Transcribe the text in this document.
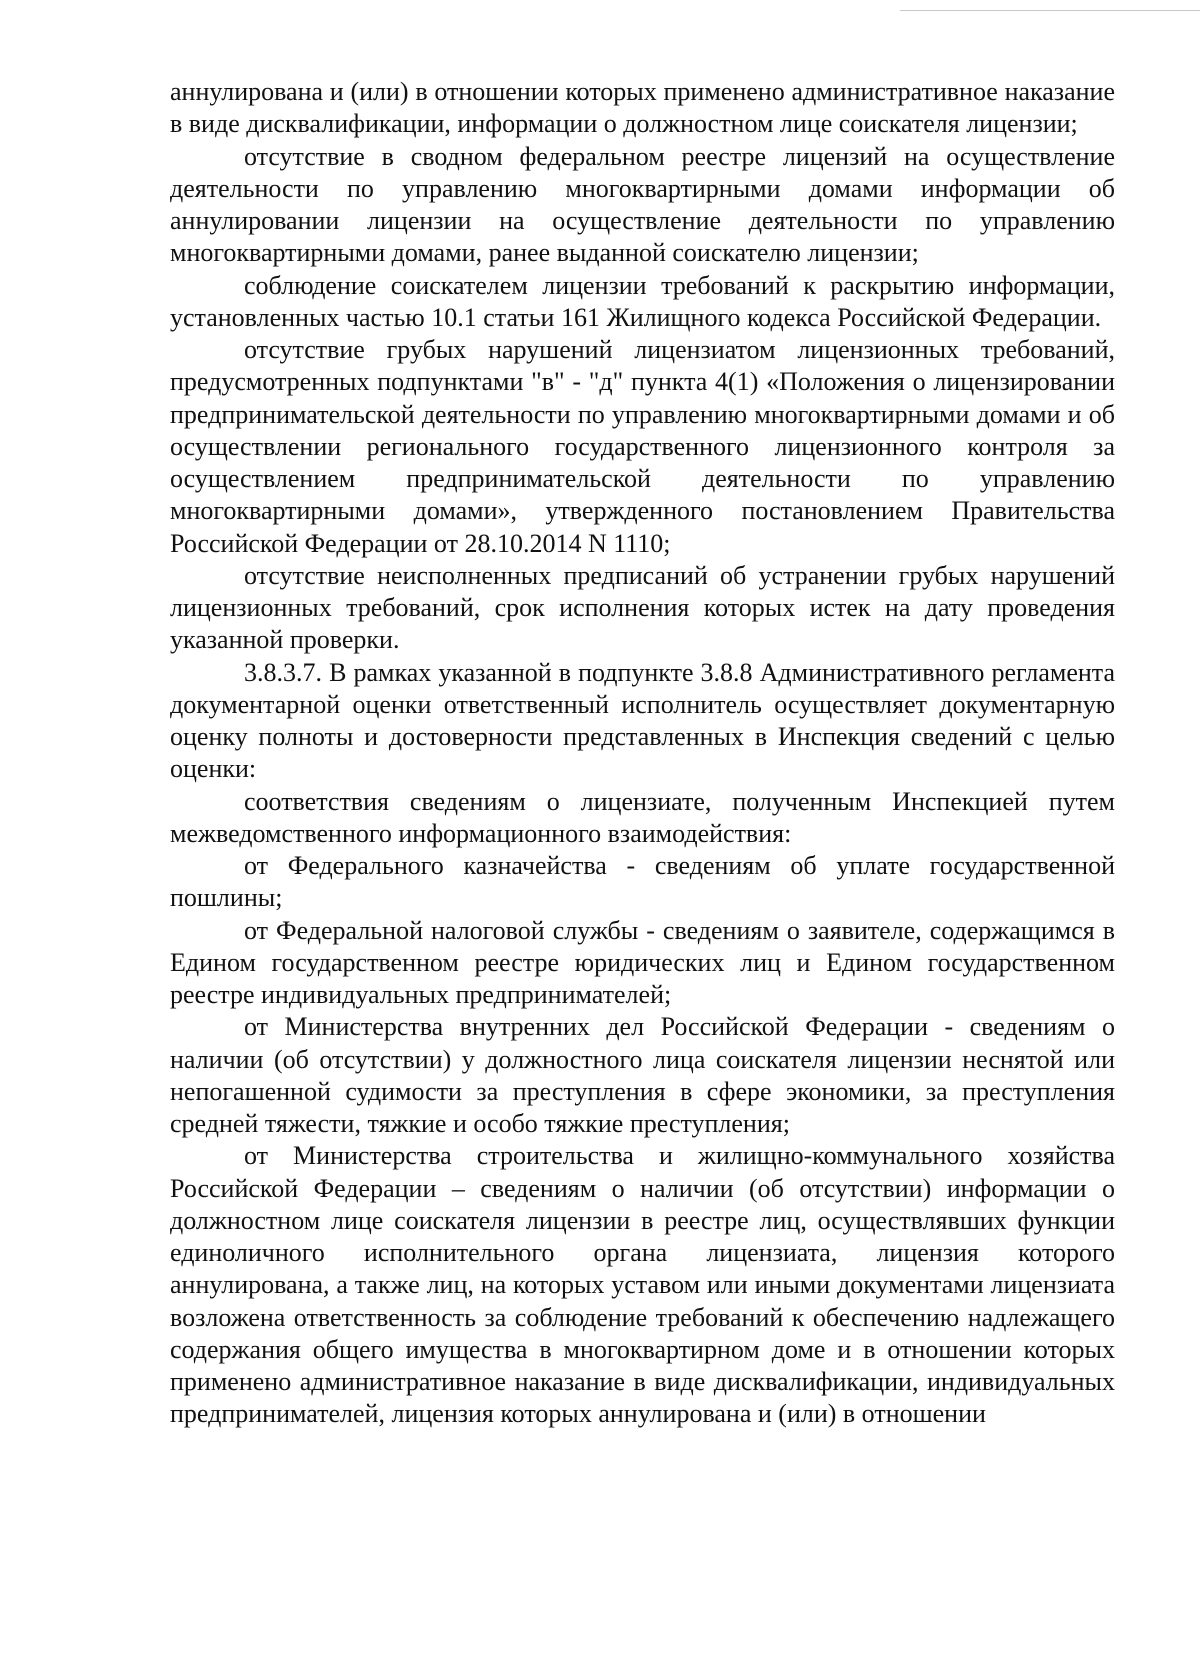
аннулирована и (или) в отношении которых применено административное наказание в виде дисквалификации, информации о должностном лице соискателя лицензии;

отсутствие в сводном федеральном реестре лицензий на осуществление деятельности по управлению многоквартирными домами информации об аннулировании лицензии на осуществление деятельности по управлению многоквартирными домами, ранее выданной соискателю лицензии;

соблюдение соискателем лицензии требований к раскрытию информации, установленных частью 10.1 статьи 161 Жилищного кодекса Российской Федерации.

отсутствие грубых нарушений лицензиатом лицензионных требований, предусмотренных подпунктами "в" - "д" пункта 4(1) «Положения о лицензировании предпринимательской деятельности по управлению многоквартирными домами и об осуществлении регионального государственного лицензионного контроля за осуществлением предпринимательской деятельности по управлению многоквартирными домами», утвержденного постановлением Правительства Российской Федерации от 28.10.2014 N 1110;

отсутствие неисполненных предписаний об устранении грубых нарушений лицензионных требований, срок исполнения которых истек на дату проведения указанной проверки.

3.8.3.7. В рамках указанной в подпункте 3.8.8 Административного регламента документарной оценки ответственный исполнитель осуществляет документарную оценку полноты и достоверности представленных в Инспекция сведений с целью оценки:

соответствия сведениям о лицензиате, полученным Инспекцией путем межведомственного информационного взаимодействия:

от Федерального казначейства - сведениям об уплате государственной пошлины;

от Федеральной налоговой службы - сведениям о заявителе, содержащимся в Едином государственном реестре юридических лиц и Едином государственном реестре индивидуальных предпринимателей;

от Министерства внутренних дел Российской Федерации - сведениям о наличии (об отсутствии) у должностного лица соискателя лицензии неснятой или непогашенной судимости за преступления в сфере экономики, за преступления средней тяжести, тяжкие и особо тяжкие преступления;

от Министерства строительства и жилищно-коммунального хозяйства Российской Федерации – сведениям о наличии (об отсутствии) информации о должностном лице соискателя лицензии в реестре лиц, осуществлявших функции единоличного исполнительного органа лицензиата, лицензия которого аннулирована, а также лиц, на которых уставом или иными документами лицензиата возложена ответственность за соблюдение требований к обеспечению надлежащего содержания общего имущества в многоквартирном доме и в отношении которых применено административное наказание в виде дисквалификации, индивидуальных предпринимателей, лицензия которых аннулирована и (или) в отношении
